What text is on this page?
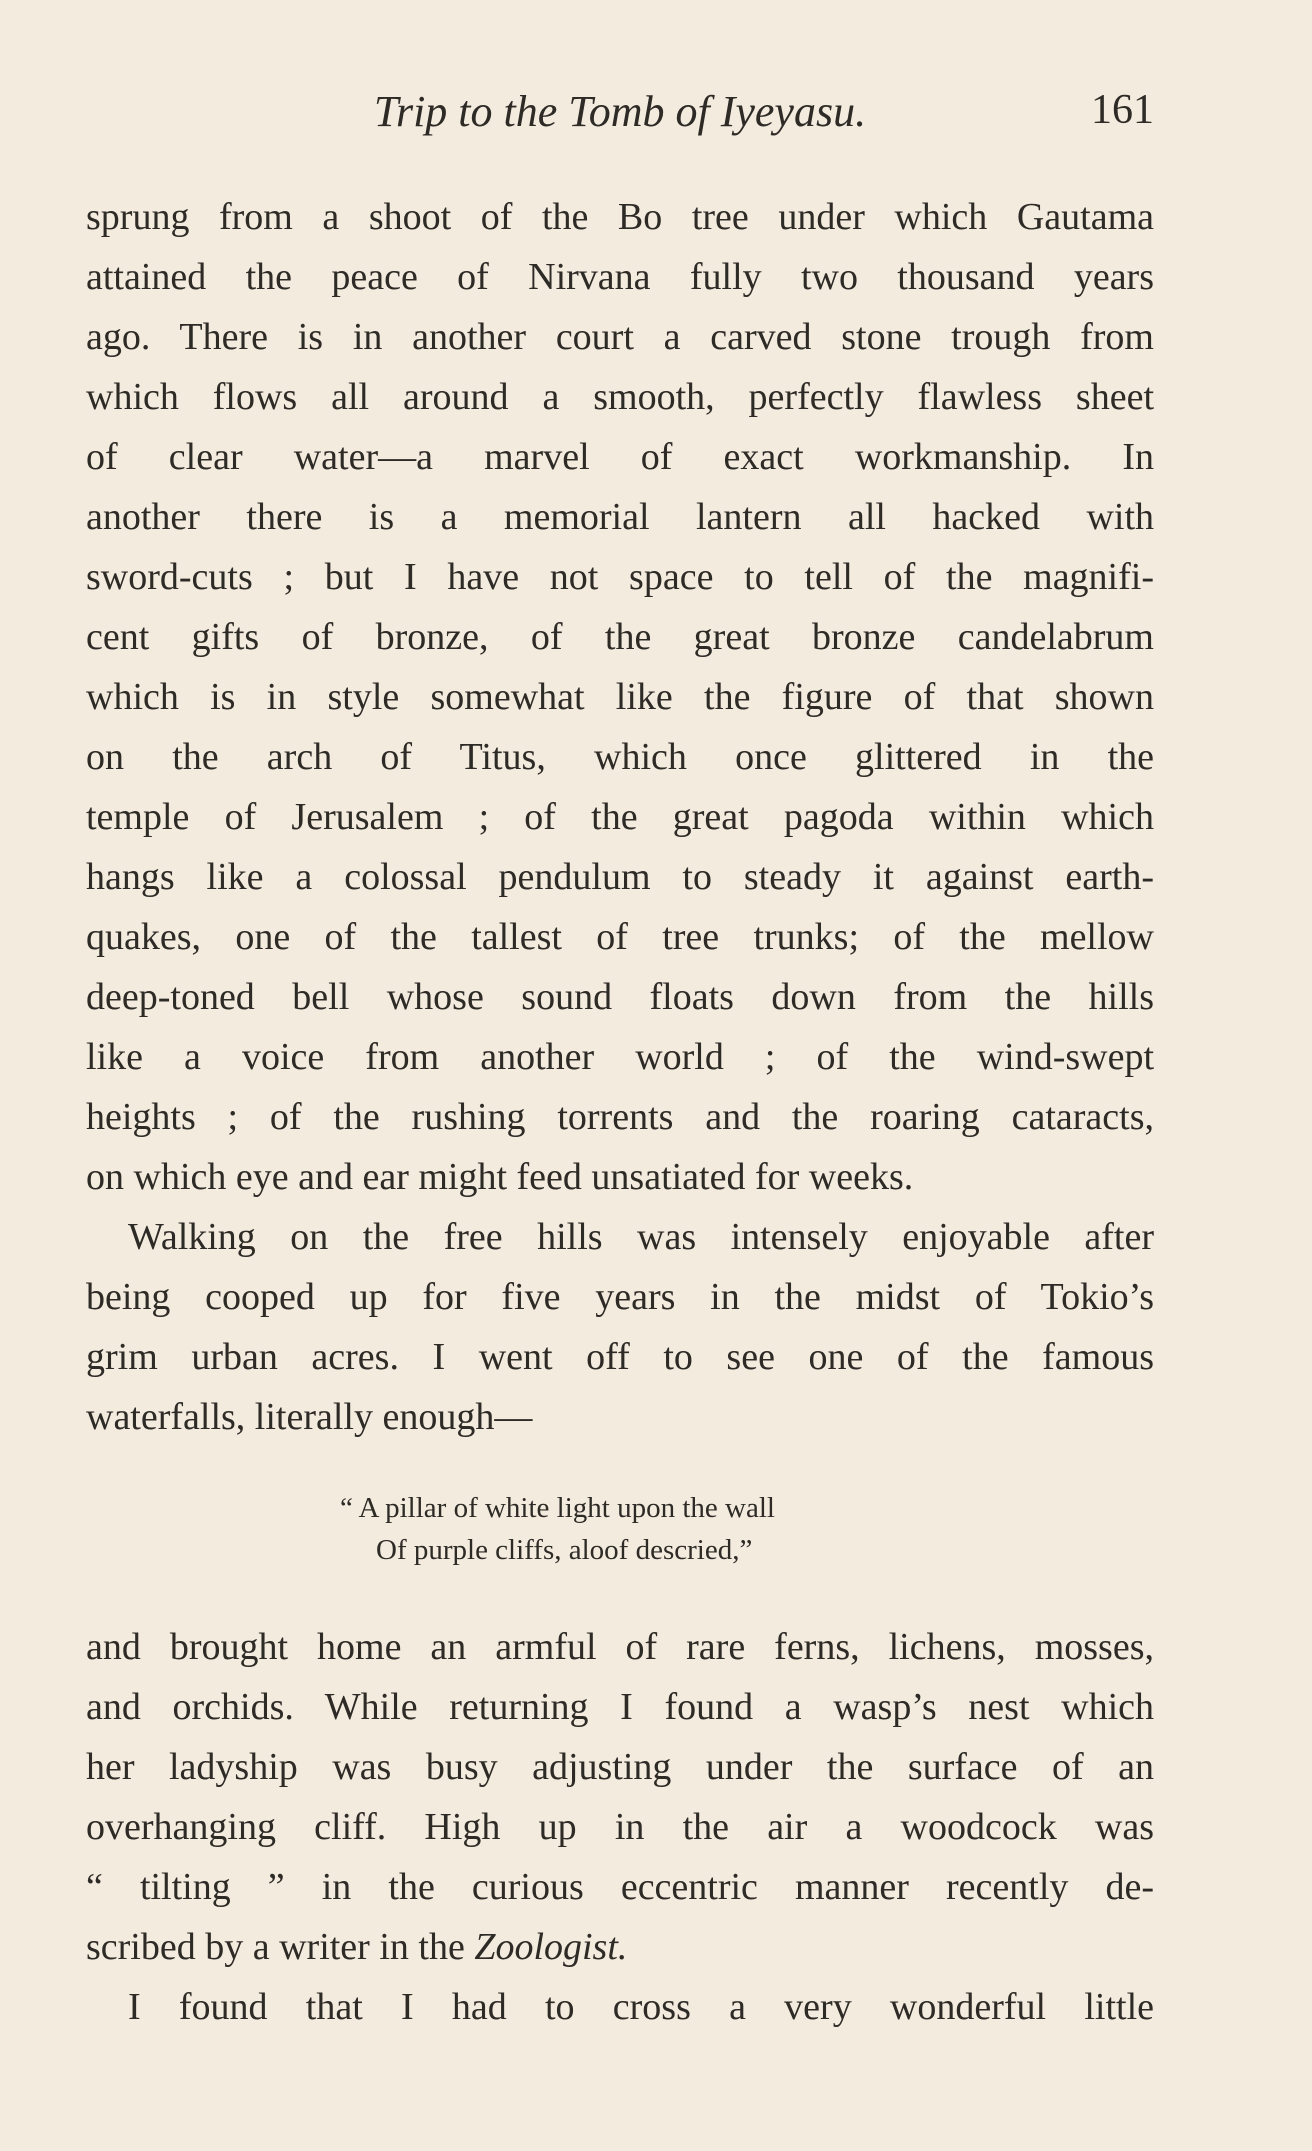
Trip to the Tomb of Iyeyasu.	161
sprung from a shoot of the Bo tree under which Gautama
attained the peace of Nirvana fully two thousand years
ago. There is in another court a carved stone trough from
which flows all around a smooth, perfectly flawless sheet
of clear water—a marvel of exact workmanship. In
another there is a memorial lantern all hacked with
sword-cuts ; but I have not space to tell of the magnifi-
cent gifts of bronze, of the great bronze candelabrum
which is in style somewhat like the figure of that shown
on the arch of Titus, which once glittered in the
temple of Jerusalem ; of the great pagoda within which
hangs like a colossal pendulum to steady it against earth-
quakes, one of the tallest of tree trunks; of the mellow
deep-toned bell whose sound floats down from the hills
like a voice from another world ; of the wind-swept
heights ; of the rushing torrents and the roaring cataracts,
on which eye and ear might feed unsatiated for weeks.
Walking on the free hills was intensely enjoyable after
being cooped up for five years in the midst of Tokio’s
grim urban acres. I went off to see one of the famous
waterfalls, literally enough—
“ A pillar of white light upon the wall
Of purple cliffs, aloof descried,”
and brought home an armful of rare ferns, lichens, mosses,
and orchids. While returning I found a wasp’s nest which
her ladyship was busy adjusting under the surface of an
overhanging cliff. High up in the air a woodcock was
“ tilting ” in the curious eccentric manner recently de-
scribed by a writer in the Zoologist.
I found that I had to cross a very wonderful little
